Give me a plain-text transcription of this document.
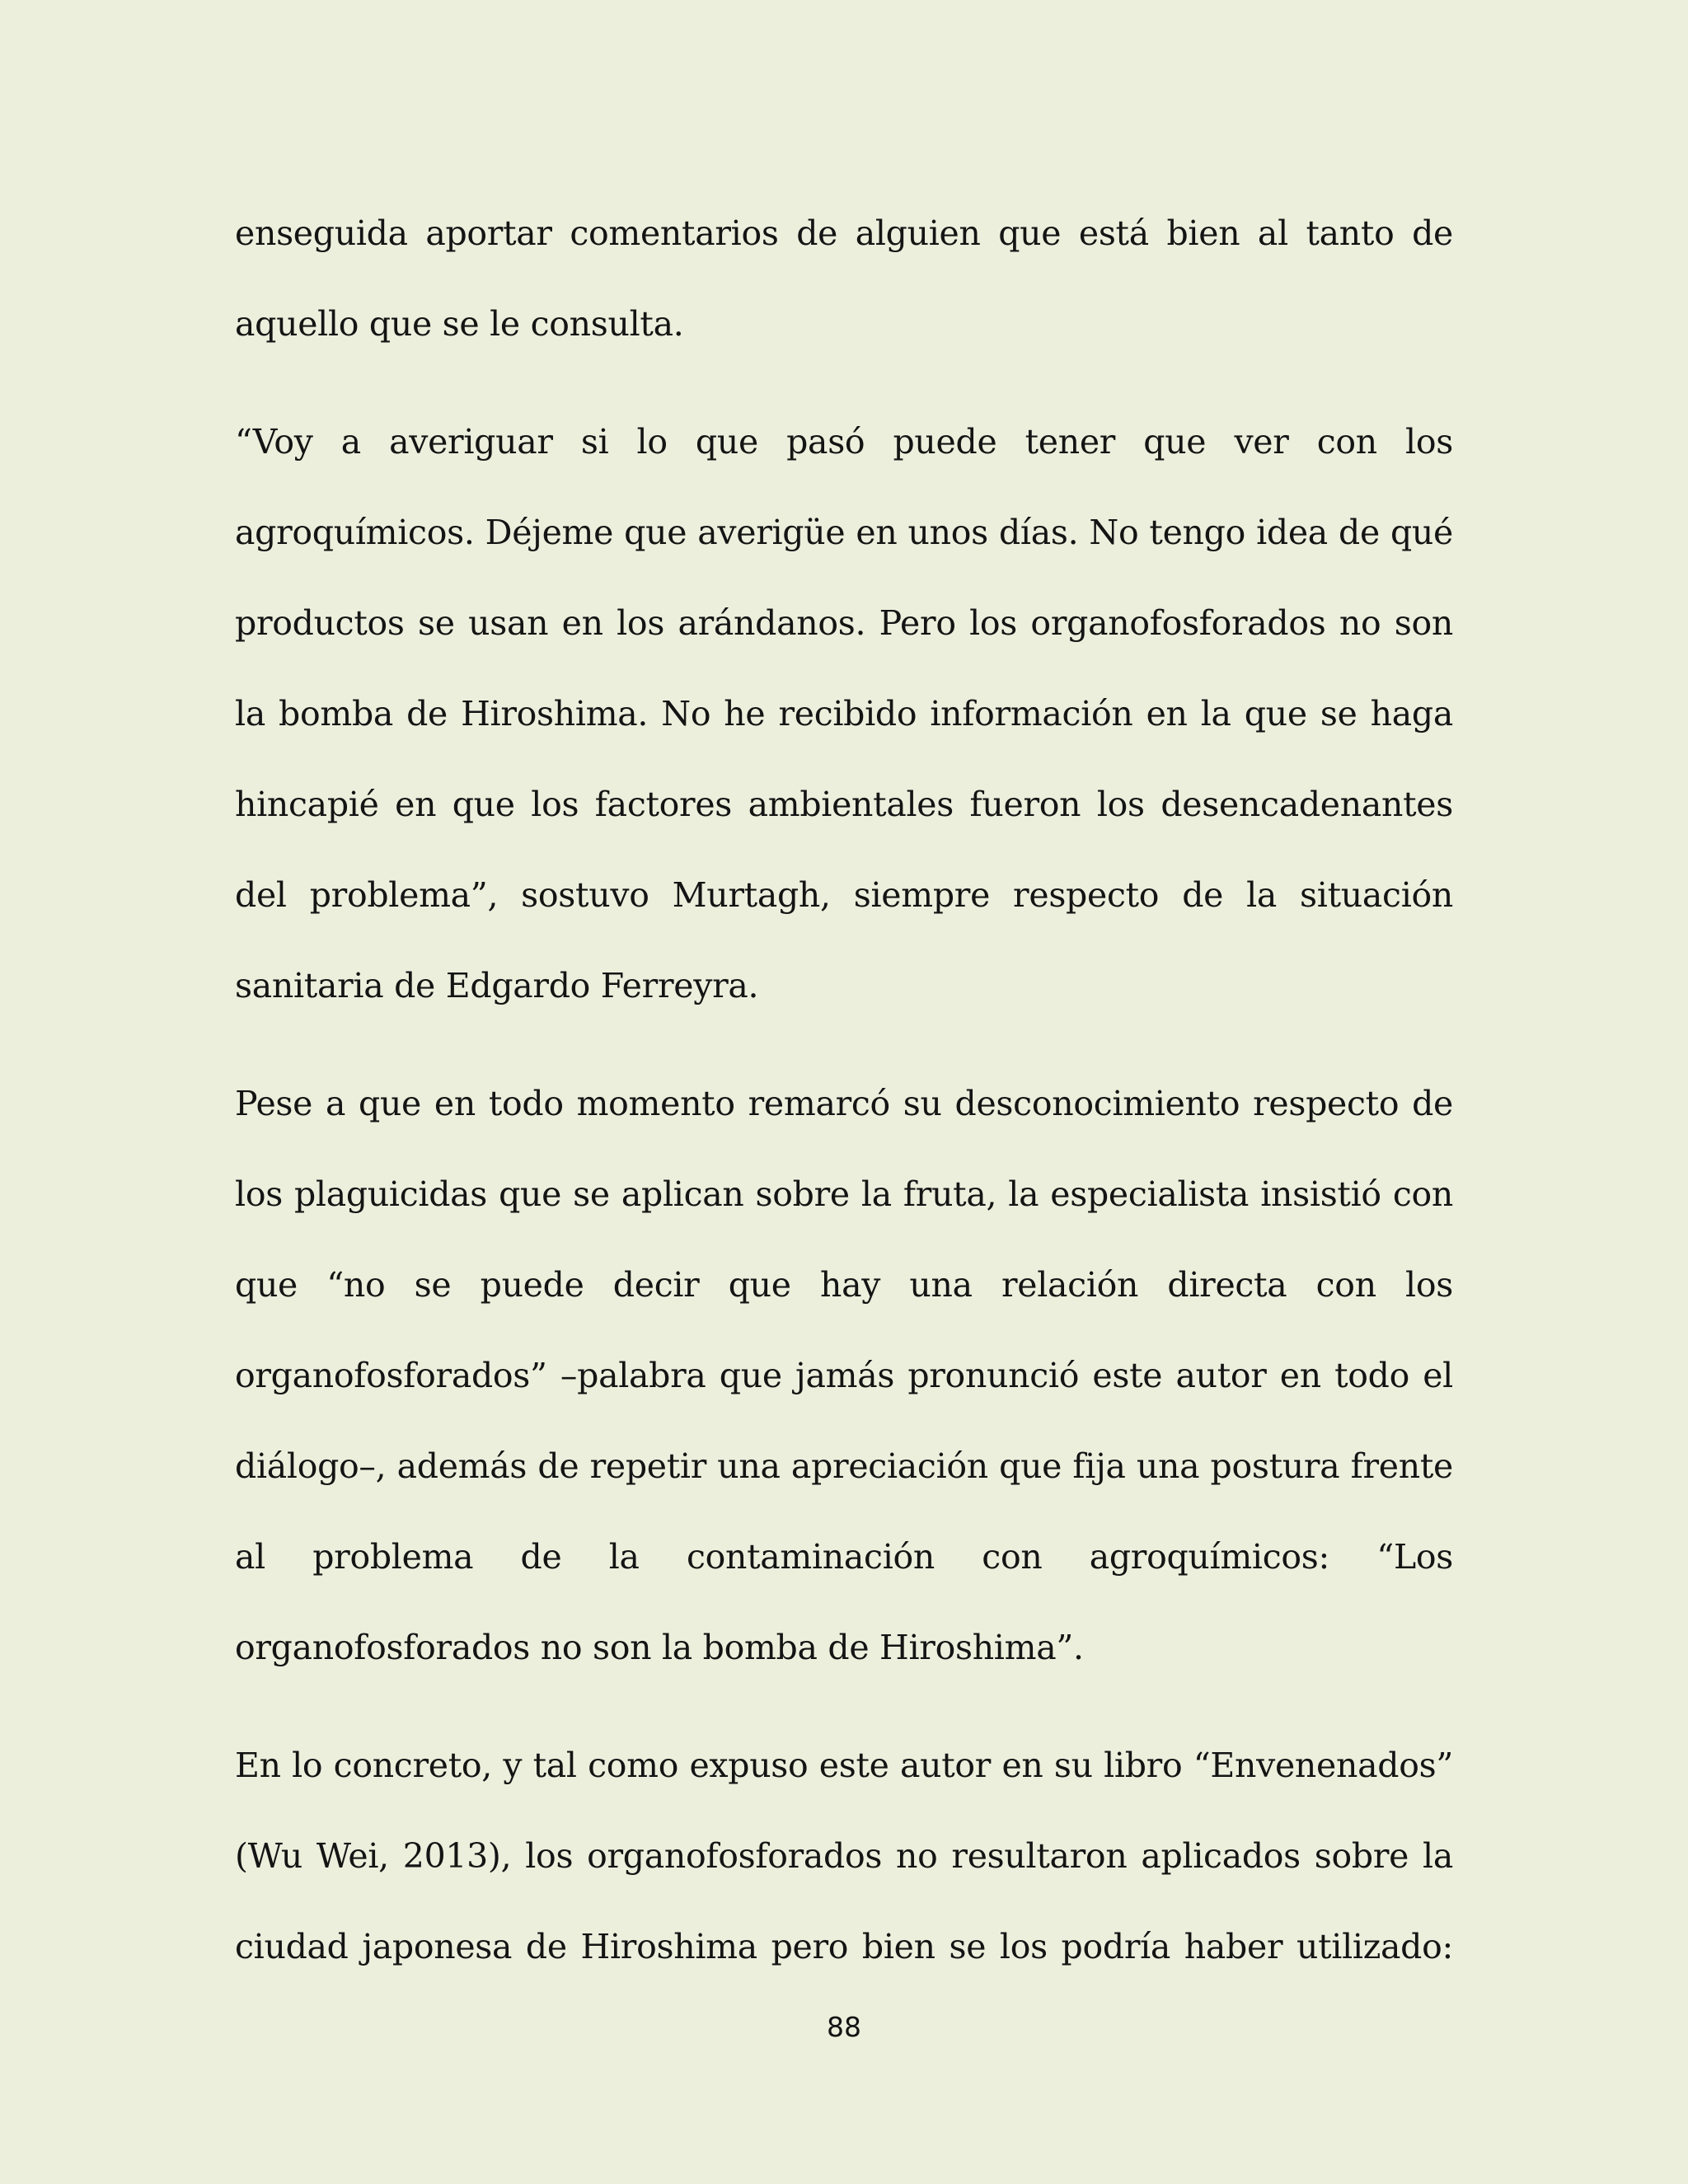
enseguida aportar comentarios de alguien que está bien al tanto de aquello que se le consulta.

“Voy a averiguar si lo que pasó puede tener que ver con los agroquímicos. Déjeme que averigüe en unos días. No tengo idea de qué productos se usan en los arándanos. Pero los organofosforados no son la bomba de Hiroshima. No he recibido información en la que se haga hincapié en que los factores ambientales fueron los desencadenantes del problema”, sostuvo Murtagh, siempre respecto de la situación sanitaria de Edgardo Ferreyra.

Pese a que en todo momento remarcó su desconocimiento respecto de los plaguicidas que se aplican sobre la fruta, la especialista insistió con que “no se puede decir que hay una relación directa con los organofosforados” –palabra que jamás pronunció este autor en todo el diálogo–, además de repetir una apreciación que fija una postura frente al problema de la contaminación con agroquímicos: “Los organofosforados no son la bomba de Hiroshima”.

En lo concreto, y tal como expuso este autor en su libro “Envenenados” (Wu Wei, 2013), los organofosforados no resultaron aplicados sobre la ciudad japonesa de Hiroshima pero bien se los podría haber utilizado:

88
